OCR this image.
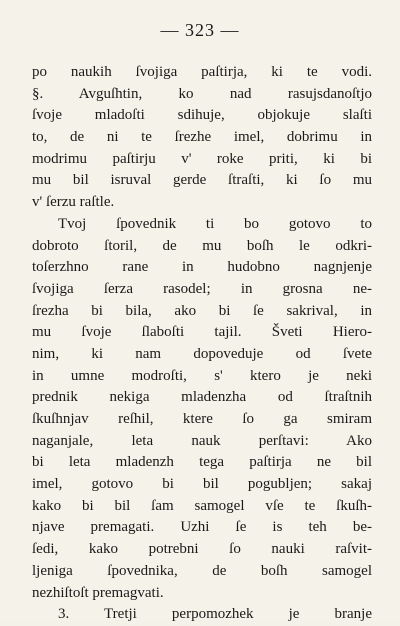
— 323 —
po naukih ſvojiga paſtirja, ki te vodi.
§. Avguſhtin, ko nad rasujsdanoſtjo
ſvoje mladoſti sdihuje, objokuje slaſti
to, de ni te ſrezhe imel, dobrimu in
modrimu paſtirju v' roke priti, ki bi
mu bil isruval gerde ſtraſti, ki ſo mu
v' ſerzu raſtle.
Tvoj ſpovednik ti bo gotovo to
dobroto ſtoril, de mu boſh le odkri-
toſerzhno rane in hudobno nagnjenje
ſvojiga ſerza rasodel; in grosna ne-
ſrezha bi bila, ako bi ſe sakrival, in
mu ſvoje ſlaboſti tajil. Šveti Hiero-
nim, ki nam dopoveduje od ſvete
in umne modroſti, s' ktero je neki
prednik nekiga mladenzha od ſtraſtnih
ſkuſhnjav reſhil, ktere ſo ga smiram
naganjale, leta nauk perſtavi: Ako
bi leta mladenzh tega paſtirja ne bil
imel, gotovo bi bil pogubljen; sakaj
kako bi bil ſam samogel vſe te ſkuſh-
njave premagati. Uzhi ſe is teh be-
ſedi, kako potrebni ſo nauki raſvit-
ljeniga ſpovednika, de boſh samogel
nezhiſtoſt premagvati.
3. Tretji perpomozhek je branje
